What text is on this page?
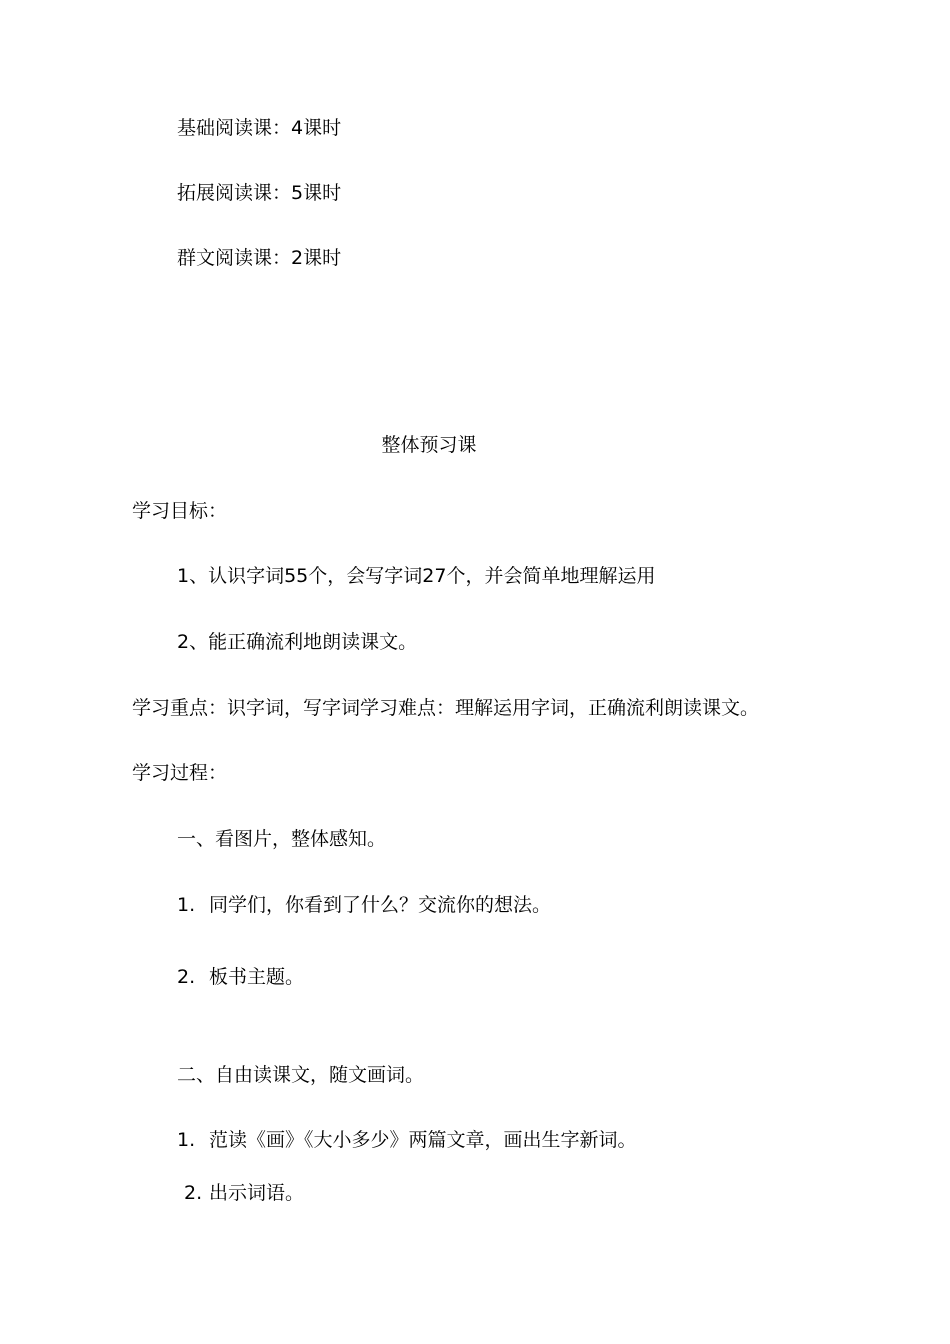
基础阅读课：4课时

拓展阅读课：5课时

群文阅读课：2课时

整体预习课

学习目标：

1、认识字词55个，会写字词27个，并会简单地理解运用

2、能正确流利地朗读课文。

学习重点：识字词，写字词学习难点：理解运用字词，正确流利朗读课文。

学习过程：

一、看图片，整体感知。

1. 同学们，你看到了什么？交流你的想法。

2. 板书主题。

二、自由读课文，随文画词。

1. 范读《画》《大小多少》两篇文章，画出生字新词。

2. 出示词语。
